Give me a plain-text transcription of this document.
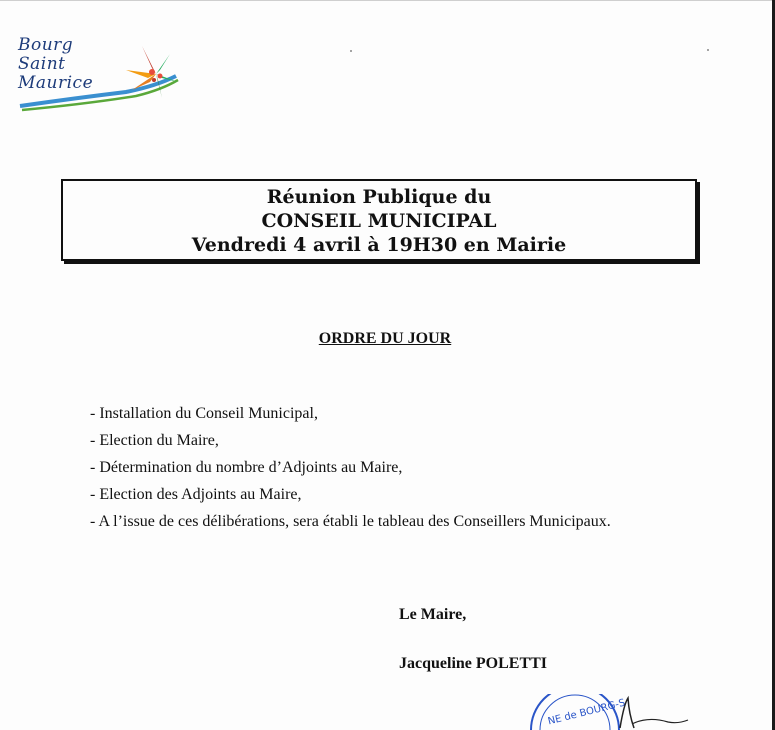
Bourg
Saint
Maurice
Réunion Publique du
CONSEIL MUNICIPAL
Vendredi 4 avril à 19H30 en Mairie
ORDRE DU JOUR
- Installation du Conseil Municipal,
- Election du Maire,
- Détermination du nombre d’Adjoints au Maire,
- Election des Adjoints au Maire,
- A l’issue de ces délibérations, sera établi le tableau des Conseillers Municipaux.
Le Maire,
Jacqueline POLETTI
NE de BOURG-S
